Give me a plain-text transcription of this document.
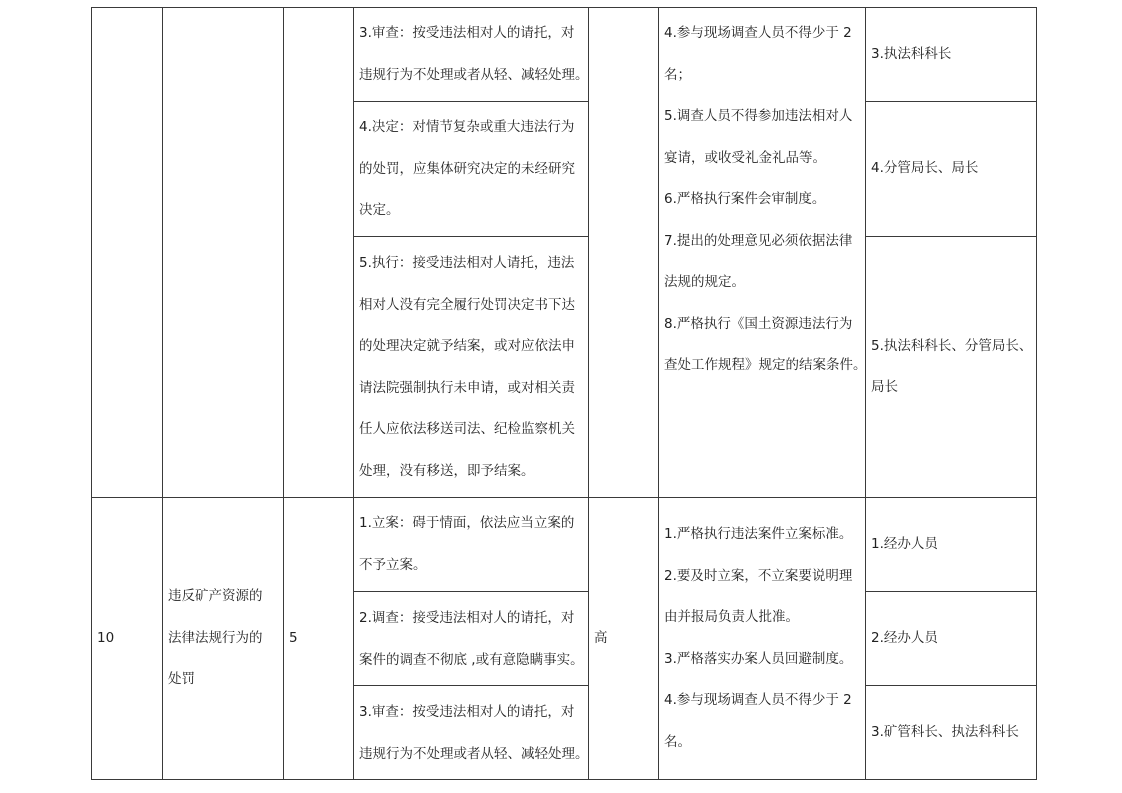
3.审查：按受违法相对人的请托，对
违规行为不处理或者从轻、减轻处理。
4.决定：对情节复杂或重大违法行为
的处罚，应集体研究决定的未经研究
决定。
5.执行：接受违法相对人请托，违法
相对人没有完全履行处罚决定书下达
的处理决定就予结案，或对应依法申
请法院强制执行未申请，或对相关责
任人应依法移送司法、纪检监察机关
处理，没有移送，即予结案。
4.参与现场调查人员不得少于 2
名；
5.调查人员不得参加违法相对人
宴请，或收受礼金礼品等。
6.严格执行案件会审制度。
7.提出的处理意见必须依据法律
法规的规定。
8.严格执行《国土资源违法行为
查处工作规程》规定的结案条件。
3.执法科科长
4.分管局长、局长
5.执法科科长、分管局长、
局长
10
违反矿产资源的
法律法规行为的
处罚
5
1.立案：碍于情面，依法应当立案的
不予立案。
2.调查：接受违法相对人的请托，对
案件的调查不彻底 ,或有意隐瞒事实。
3.审查：按受违法相对人的请托，对
违规行为不处理或者从轻、减轻处理。
高
1.严格执行违法案件立案标准。
2.要及时立案，不立案要说明理
由并报局负责人批准。
3.严格落实办案人员回避制度。
4.参与现场调查人员不得少于 2
名。
1.经办人员
2.经办人员
3.矿管科长、执法科科长
